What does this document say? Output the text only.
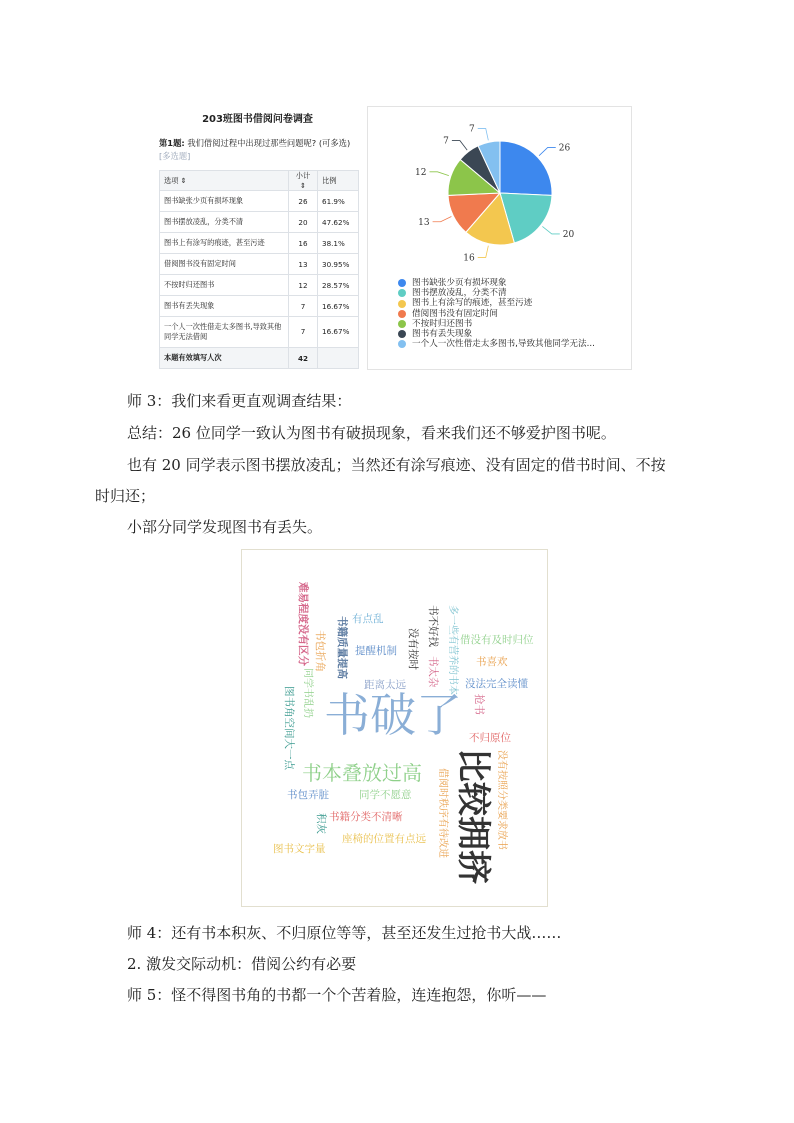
203班图书借阅问卷调查
第1题: 我们借阅过程中出现过那些问题呢? (可多选) [多选题]
选项 ⇕	小计 ⇕	比例
图书缺张少页有损坏现象	26	61.9%
图书摆放凌乱，分类不清	20	47.62%
图书上有涂写的痕迹，甚至污迹	16	38.1%
借阅图书没有固定时间	13	30.95%
不按时归还图书	12	28.57%
图书有丢失现象	7	16.67%
一个人一次性借走太多图书,导致其他同学无法借阅	7	16.67%
本题有效填写人次	42	
26
20
16
13
12
7
7
图书缺张少页有损坏现象
图书摆放凌乱，分类不清
图书上有涂写的痕迹，甚至污迹
借阅图书没有固定时间
不按时归还图书
图书有丢失现象
一个人一次性借走太多图书,导致其他同学无法...
师 3：我们来看更直观调查结果：
总结：26 位同学一致认为图书有破损现象，看来我们还不够爱护图书呢。
也有 20 同学表示图书摆放凌乱；当然还有涂写痕迹、没有固定的借书时间、不按
时归还；
小部分同学发现图书有丢失。
书破了
比较拥挤
书本叠放过高
难易程度没有区分	书籍质量提高 有点乱
书包折角
同学书乱扔
提醒机制
书不好找
没有按时
书太杂 多一些有营养的书本 借没有及时归位
书喜欢
没法完全读懂
图书角空间大一点
距离太远
抢书
不归原位
没有按照分类要求放书
借阅时秩序有待改进
书包弄脏	同学不愿意
书籍分类不清晰
积灰
座椅的位置有点远
图书文字量
师 4：还有书本积灰、不归原位等等，甚至还发生过抢书大战……
2. 激发交际动机：借阅公约有必要
师 5：怪不得图书角的书都一个个苦着脸，连连抱怨，你听——
